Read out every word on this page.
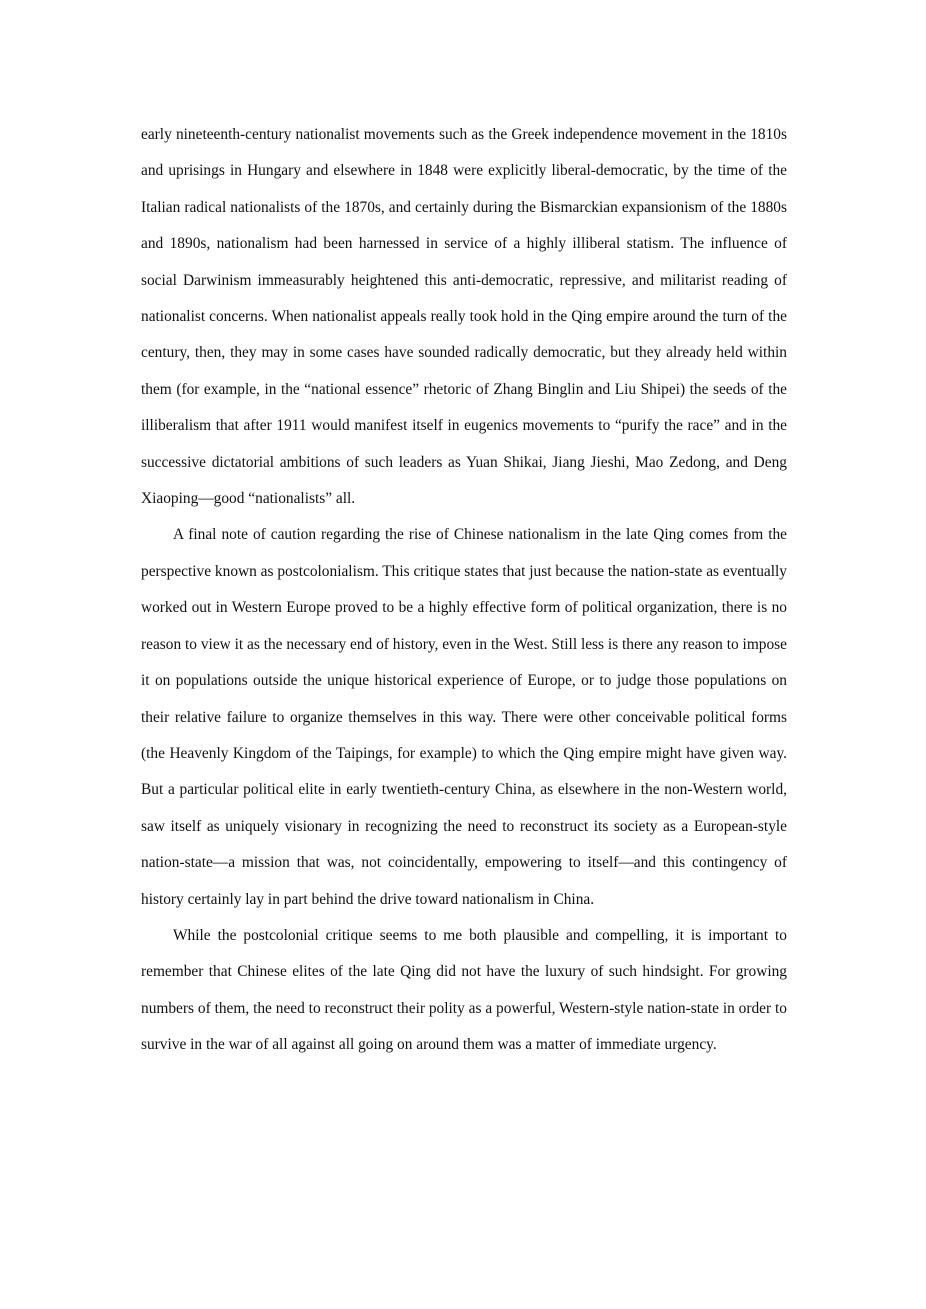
early nineteenth-century nationalist movements such as the Greek independence movement in the 1810s and uprisings in Hungary and elsewhere in 1848 were explicitly liberal-democratic, by the time of the Italian radical nationalists of the 1870s, and certainly during the Bismarckian expansionism of the 1880s and 1890s, nationalism had been harnessed in service of a highly illiberal statism. The influence of social Darwinism immeasurably heightened this anti-democratic, repressive, and militarist reading of nationalist concerns. When nationalist appeals really took hold in the Qing empire around the turn of the century, then, they may in some cases have sounded radically democratic, but they already held within them (for example, in the “national essence” rhetoric of Zhang Binglin and Liu Shipei) the seeds of the illiberalism that after 1911 would manifest itself in eugenics movements to “purify the race” and in the successive dictatorial ambitions of such leaders as Yuan Shikai, Jiang Jieshi, Mao Zedong, and Deng Xiaoping—good “nationalists” all.

A final note of caution regarding the rise of Chinese nationalism in the late Qing comes from the perspective known as postcolonialism. This critique states that just because the nation-state as eventually worked out in Western Europe proved to be a highly effective form of political organization, there is no reason to view it as the necessary end of history, even in the West. Still less is there any reason to impose it on populations outside the unique historical experience of Europe, or to judge those populations on their relative failure to organize themselves in this way. There were other conceivable political forms (the Heavenly Kingdom of the Taipings, for example) to which the Qing empire might have given way. But a particular political elite in early twentieth-century China, as elsewhere in the non-Western world, saw itself as uniquely visionary in recognizing the need to reconstruct its society as a European-style nation-state—a mission that was, not coincidentally, empowering to itself—and this contingency of history certainly lay in part behind the drive toward nationalism in China.

While the postcolonial critique seems to me both plausible and compelling, it is important to remember that Chinese elites of the late Qing did not have the luxury of such hindsight. For growing numbers of them, the need to reconstruct their polity as a powerful, Western-style nation-state in order to survive in the war of all against all going on around them was a matter of immediate urgency.
